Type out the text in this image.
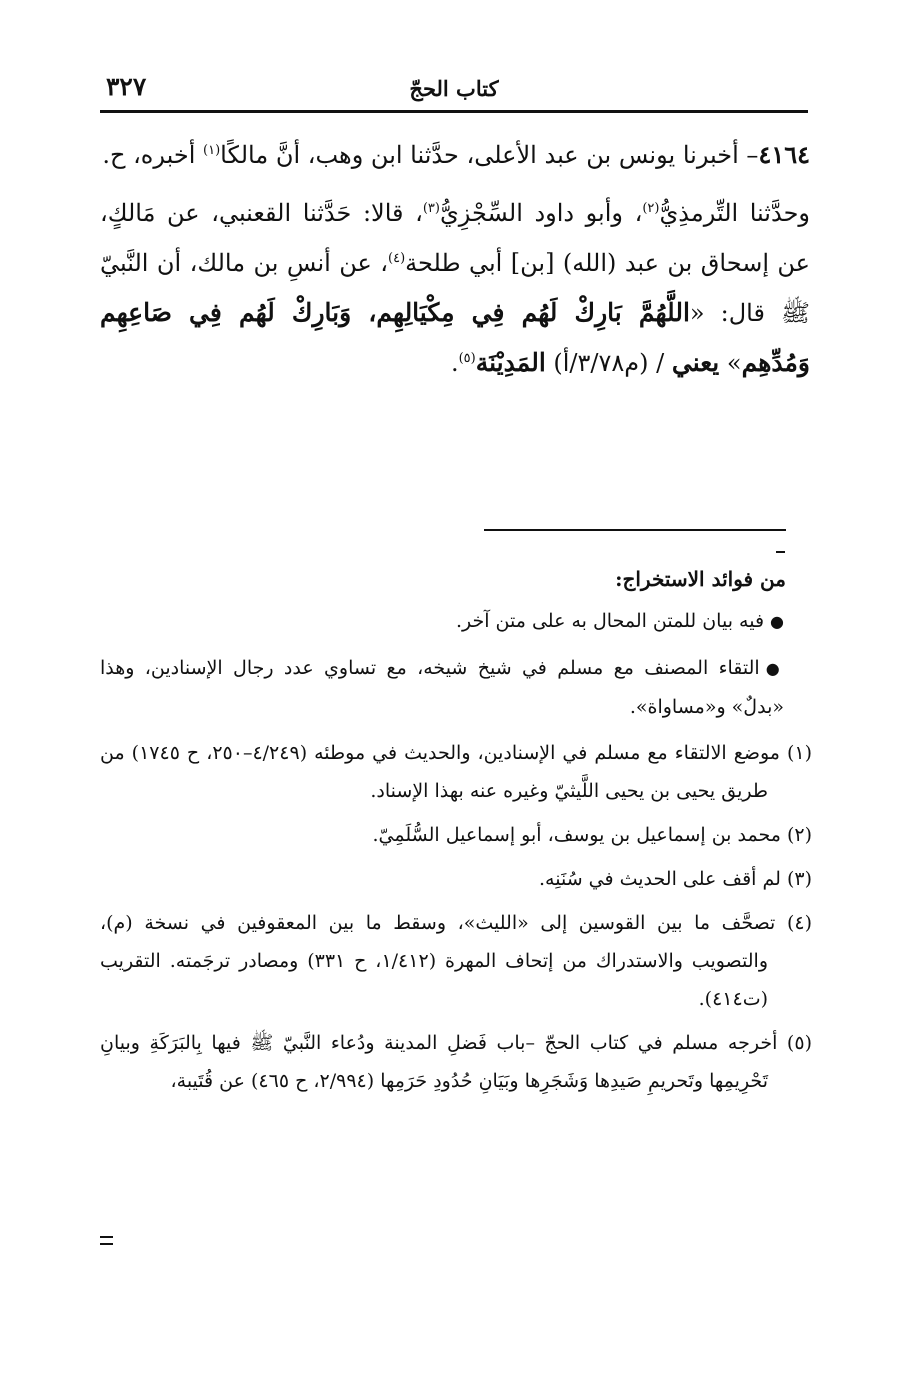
كتاب الحجّ
٣٢٧

٤١٦٤– أخبرنا يونس بن عبد الأعلى، حدَّثنا ابن وهب، أنَّ مالكًا$^{(١)}$ أخبره، ح.

وحدَّثنا التِّرمذِيُّ$^{(٢)}$، وأبو داود السِّجْزِيُّ$^{(٣)}$، قالا: حَدَّثنا القعنبي، عن مَالكٍ، عن إسحاق بن عبد (الله) [بن] أبي طلحة$^{(٤)}$، عن أنسِ بن مالك، أن النَّبيّ ﷺ قال: «اللَّهُمَّ بَارِكْ لَهُم فِي مِكْيَالِهِم، وَبَارِكْ لَهُم فِي صَاعِهِم وَمُدِّهِم» يعني / (م٣/٧٨/أ) المَدِيْنَة$^{(٥)}$.

من فوائد الاستخراج:
●فيه بيان للمتن المحال به على متن آخر.
●التقاء المصنف مع مسلم في شيخ شيخه، مع تساوي عدد رجال الإسنادين، وهذا «بدلٌ» و«مساواة».
(١) موضع الالتقاء مع مسلم في الإسنادين، والحديث في موطئه (٤/٢٤٩–٢٥٠، ح ١٧٤٥) من طريق يحيى بن يحيى اللَّيثيّ وغيره عنه بهذا الإسناد.
(٢) محمد بن إسماعيل بن يوسف، أبو إسماعيل السُّلَمِيّ.
(٣) لم أقف على الحديث في سُنَنِه.
(٤) تصحَّف ما بين القوسين إلى «الليث»، وسقط ما بين المعقوفين في نسخة (م)، والتصويب والاستدراك من إتحاف المهرة (١/٤١٢، ح ٣٣١) ومصادر ترجَمته. التقريب (ت٤١٤).
(٥) أخرجه مسلم في كتاب الحجّ –باب فَضلِ المدينة ودُعاء النَّبيّ ﷺ فيها بِالبَرَكَةِ وبيانِ تَحْرِيمِها وتَحريمِ صَيدِها وَشَجَرِها وبَيَانِ حُدُودِ حَرَمِها (٢/٩٩٤، ح ٤٦٥) عن قُتَيبة،
